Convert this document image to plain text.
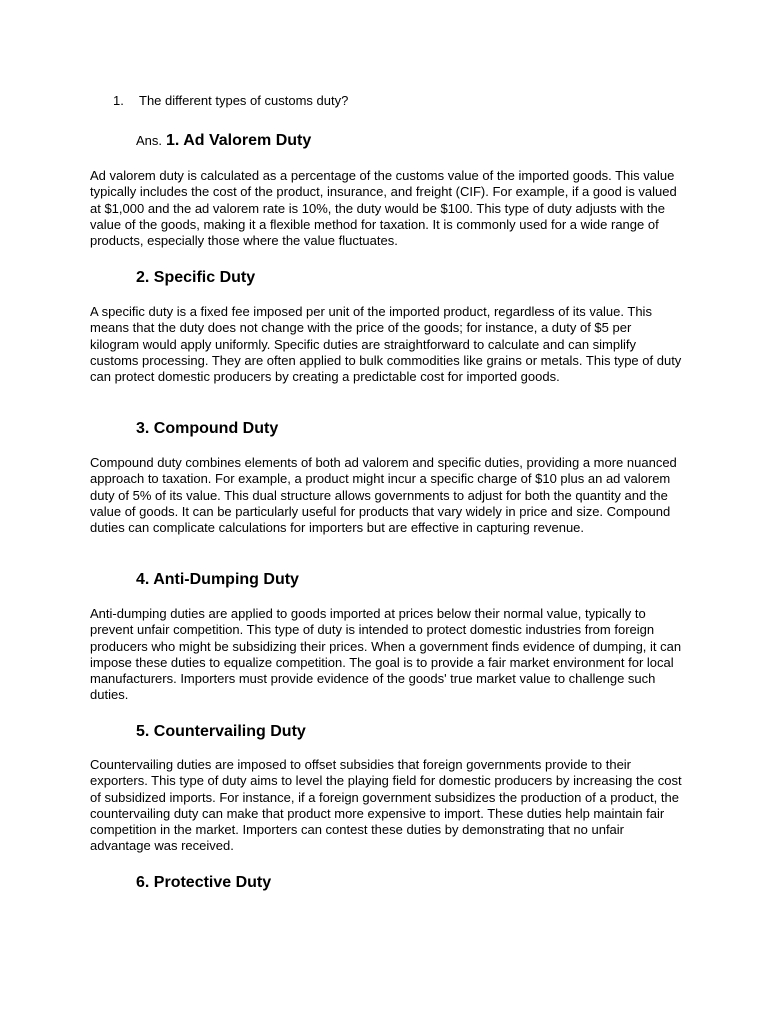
1. The different types of customs duty?
Ans. 1. Ad Valorem Duty

Ad valorem duty is calculated as a percentage of the customs value of the imported goods. This value typically includes the cost of the product, insurance, and freight (CIF). For example, if a good is valued at $1,000 and the ad valorem rate is 10%, the duty would be $100. This type of duty adjusts with the value of the goods, making it a flexible method for taxation. It is commonly used for a wide range of products, especially those where the value fluctuates.

2. Specific Duty

A specific duty is a fixed fee imposed per unit of the imported product, regardless of its value. This means that the duty does not change with the price of the goods; for instance, a duty of $5 per kilogram would apply uniformly. Specific duties are straightforward to calculate and can simplify customs processing. They are often applied to bulk commodities like grains or metals. This type of duty can protect domestic producers by creating a predictable cost for imported goods.

3. Compound Duty

Compound duty combines elements of both ad valorem and specific duties, providing a more nuanced approach to taxation. For example, a product might incur a specific charge of $10 plus an ad valorem duty of 5% of its value. This dual structure allows governments to adjust for both the quantity and the value of goods. It can be particularly useful for products that vary widely in price and size. Compound duties can complicate calculations for importers but are effective in capturing revenue.

4. Anti-Dumping Duty

Anti-dumping duties are applied to goods imported at prices below their normal value, typically to prevent unfair competition. This type of duty is intended to protect domestic industries from foreign producers who might be subsidizing their prices. When a government finds evidence of dumping, it can impose these duties to equalize competition. The goal is to provide a fair market environment for local manufacturers. Importers must provide evidence of the goods' true market value to challenge such duties.

5. Countervailing Duty

Countervailing duties are imposed to offset subsidies that foreign governments provide to their exporters. This type of duty aims to level the playing field for domestic producers by increasing the cost of subsidized imports. For instance, if a foreign government subsidizes the production of a product, the countervailing duty can make that product more expensive to import. These duties help maintain fair competition in the market. Importers can contest these duties by demonstrating that no unfair advantage was received.

6. Protective Duty
